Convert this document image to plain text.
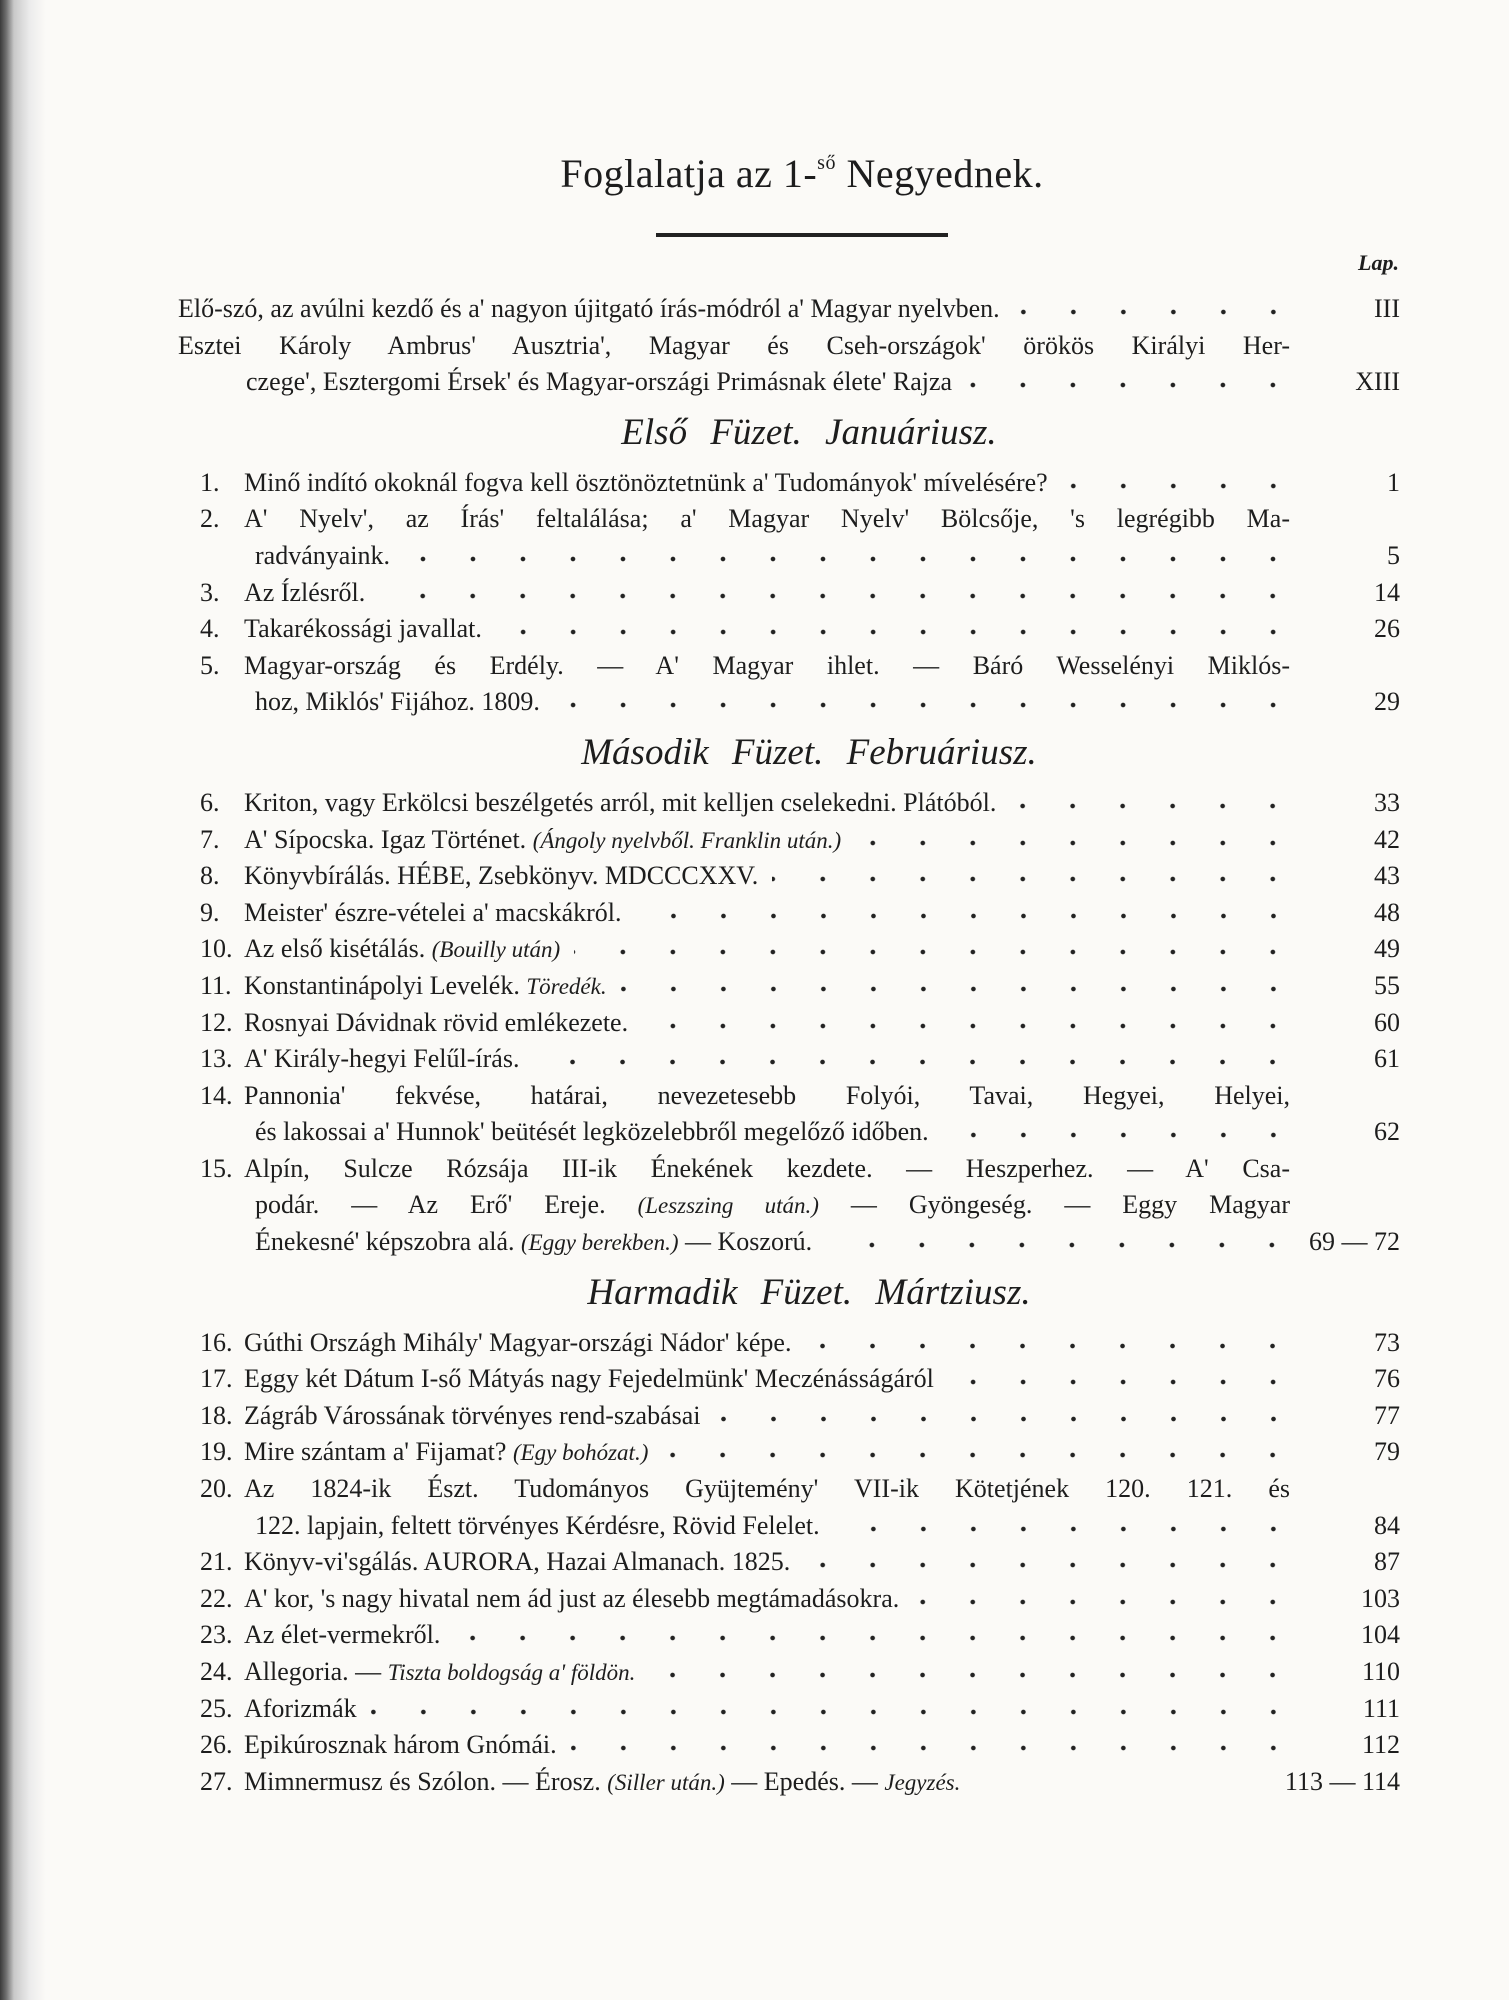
Foglalatja az 1-$^{ső}$ Negyednek.
Lap.
Elő-szó, az avúlni kezdő és a' nagyon újitgató írás-módról a' Magyar nyelvben.	III
Esztei Károly Ambrus' Ausztria', Magyar és Cseh-országok' örökös Királyi Her-
czege', Esztergomi Érsek' és Magyar-országi Primásnak élete' Rajza	XIII
Első Füzet. Januáriusz.
1. Minő indító okoknál fogva kell ösztönöztetnünk a' Tudományok' mívelésére?	1
2. A' Nyelv', az Írás' feltalálása; a' Magyar Nyelv' Bölcsője, 's legrégibb Ma-
radványaink.	5
3. Az Ízlésről.	14
4. Takarékossági javallat.	26
5. Magyar-ország és Erdély. — A' Magyar ihlet. — Báró Wesselényi Miklós-
hoz, Miklós' Fijához. 1809.	29
Második Füzet. Februáriusz.
6. Kriton, vagy Erkölcsi beszélgetés arról, mit kelljen cselekedni. Plátóból.	33
7. A' Sípocska. Igaz Történet. (Ángoly nyelvből. Franklin után.)	42
8. Könyvbírálás. HÉBE, Zsebkönyv. MDCCCXXV.	43
9. Meister' észre-vételei a' macskákról.	48
10. Az első kisétálás. (Bouilly után)	49
11. Konstantinápolyi Levelék. Töredék.	55
12. Rosnyai Dávidnak rövid emlékezete.	60
13. A' Király-hegyi Felűl-írás.	61
14. Pannonia' fekvése, határai, nevezetesebb Folyói, Tavai, Hegyei, Helyei,
és lakossai a' Hunnok' beütését legközelebbről megelőző időben.	62
15. Alpín, Sulcze Rózsája III-ik Énekének kezdete. — Heszperhez. — A' Csa-
podár. — Az Erő' Ereje. (Leszszing után.) — Gyöngeség. — Eggy Magyar
Énekesné' képszobra alá. (Eggy berekben.) — Koszorú.	69 — 72
Harmadik Füzet. Mártziusz.
16. Gúthi Országh Mihály' Magyar-országi Nádor' képe.	73
17. Eggy két Dátum I-ső Mátyás nagy Fejedelmünk' Meczénásságáról	76
18. Zágráb Várossának törvényes rend-szabásai	77
19. Mire szántam a' Fijamat? (Egy bohózat.)	79
20. Az 1824-ik Észt. Tudományos Gyüjtemény' VII-ik Kötetjének 120. 121. és
122. lapjain, feltett törvényes Kérdésre, Rövid Felelet.	84
21. Könyv-vi'sgálás. AURORA, Hazai Almanach. 1825.	87
22. A' kor, 's nagy hivatal nem ád just az élesebb megtámadásokra.	103
23. Az élet-vermekről.	104
24. Allegoria. — Tiszta boldogság a' földön.	110
25. Aforizmák	111
26. Epikúrosznak három Gnómái.	112
27. Mimnermusz és Szólon. — Érosz. (Siller után.) — Epedés. — Jegyzés.	113 — 114
